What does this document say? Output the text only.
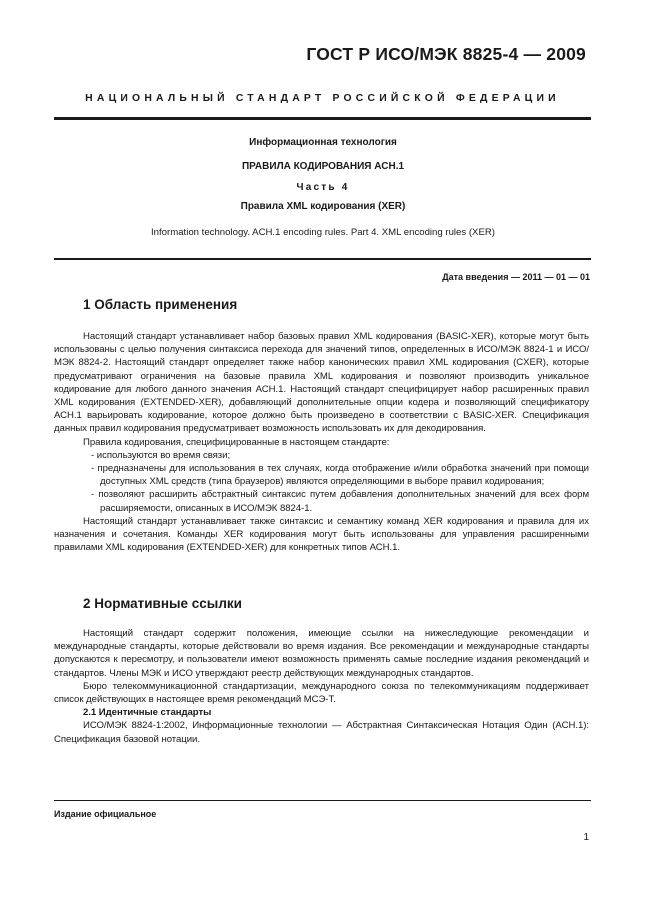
ГОСТ Р ИСО/МЭК 8825-4 — 2009
НАЦИОНАЛЬНЫЙ СТАНДАРТ РОССИЙСКОЙ ФЕДЕРАЦИИ
Информационная технология
ПРАВИЛА КОДИРОВАНИЯ АСН.1
Часть 4
Правила XML кодирования (XER)
Information technology. ACH.1 encoding rules. Part 4. XML encoding rules (XER)
Дата введения — 2011 — 01 — 01
1 Область применения

Настоящий стандарт устанавливает набор базовых правил XML кодирования (BASIC-XER), которые могут быть использованы с целью получения синтаксиса перехода для значений типов, определенных в ИСО/МЭК 8824-1 и ИСО/МЭК 8824-2. Настоящий стандарт определяет также набор канонических правил XML кодирования (CXER), которые предусматривают ограничения на базовые правила XML кодирования и позволяют производить уникальное кодирование для любого данного значения АСН.1. Настоящий стандарт специфицирует набор расширенных правил XML кодирования (EXTENDED-XER), добавляющий дополнительные опции кодера и позволяющий спецификатору АСН.1 варьировать кодирование, которое должно быть произведено в соответствии с BASIC-XER. Спецификация данных правил кодирования предусматривает возможность использовать их для декодирования.

Правила кодирования, специфицированные в настоящем стандарте:

- используются во время связи;
- предназначены для использования в тех случаях, когда отображение и/или обработка значений при помощи доступных XML средств (типа браузеров) являются определяющими в выборе правил кодирования;
- позволяют расширить абстрактный синтаксис путем добавления дополнительных значений для всех форм расширяемости, описанных в ИСО/МЭК 8824-1.

Настоящий стандарт устанавливает также синтаксис и семантику команд XER кодирования и правила для их назначения и сочетания. Команды XER кодирования могут быть использованы для управления расширенными правилами XML кодирования (EXTENDED-XER) для конкретных типов АСН.1.

2 Нормативные ссылки

Настоящий стандарт содержит положения, имеющие ссылки на нижеследующие рекомендации и международные стандарты, которые действовали во время издания. Все рекомендации и международные стандарты допускаются к пересмотру, и пользователи имеют возможность применять самые последние издания рекомендаций и стандартов. Члены МЭК и ИСО утверждают реестр действующих международных стандартов.

Бюро телекоммуникационной стандартизации, международного союза по телекоммуникациям поддерживает список действующих в настоящее время рекомендаций МСЭ-Т.

2.1 Идентичные стандарты

ИСО/МЭК 8824-1:2002, Информационные технологии — Абстрактная Синтаксическая Нотация Один (АСН.1): Спецификация базовой нотации.

Издание официальное
1
